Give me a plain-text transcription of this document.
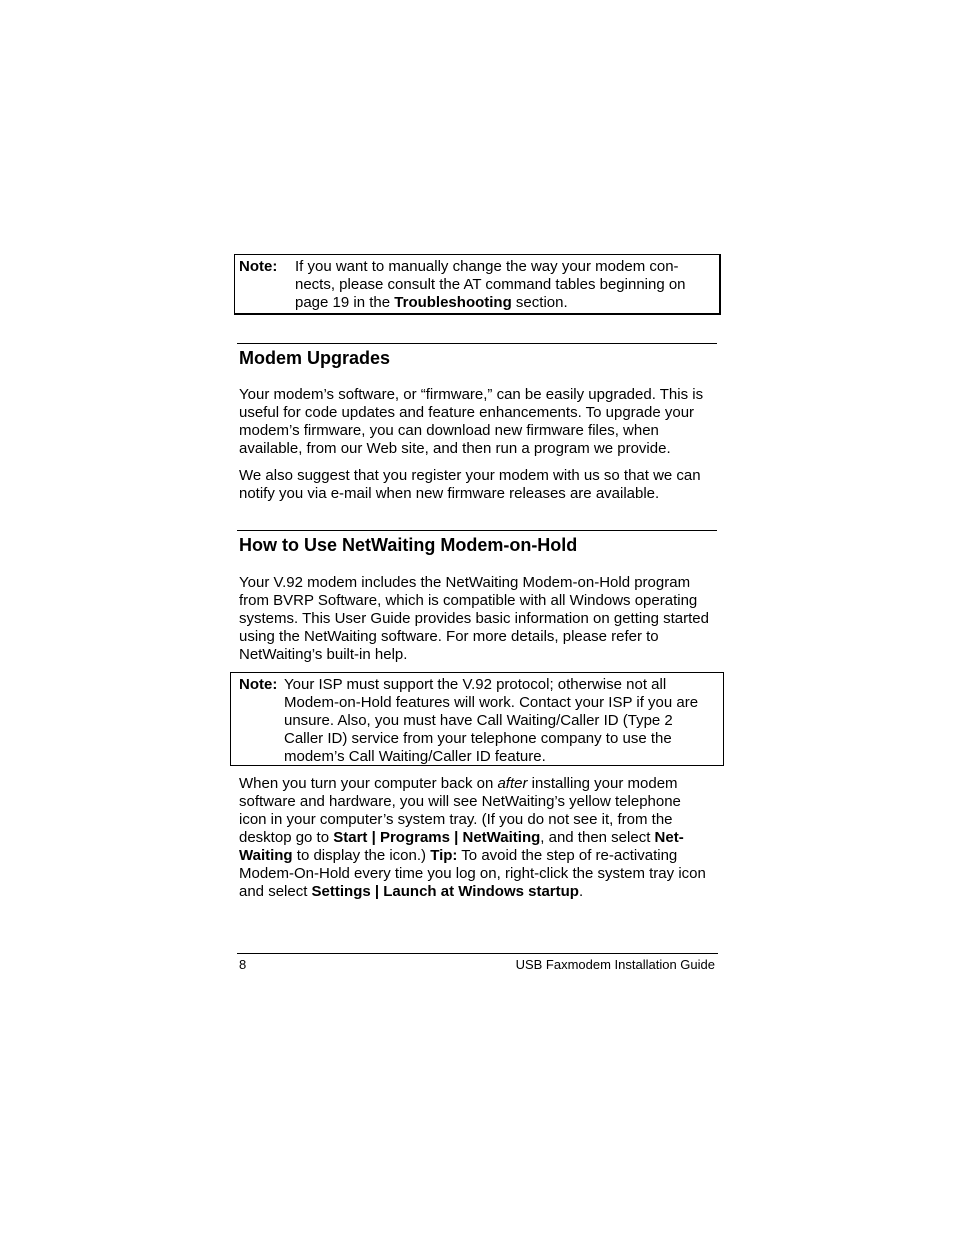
Note: If you want to manually change the way your modem con-nects, please consult the AT command tables beginning on page 19 in the Troubleshooting section.
Modem Upgrades

Your modem’s software, or “firmware,” can be easily upgraded. This is useful for code updates and feature enhancements. To upgrade your modem’s firmware, you can download new firmware files, when available, from our Web site, and then run a program we provide.

We also suggest that you register your modem with us so that we can notify you via e-mail when new firmware releases are available.

How to Use NetWaiting Modem-on-Hold

Your V.92 modem includes the NetWaiting Modem-on-Hold program from BVRP Software, which is compatible with all Windows operating systems. This User Guide provides basic information on getting started using the NetWaiting software. For more details, please refer to NetWaiting’s built-in help.

Note: Your ISP must support the V.92 protocol; otherwise not all Modem-on-Hold features will work. Contact your ISP if you are unsure. Also, you must have Call Waiting/Caller ID (Type 2 Caller ID) service from your telephone company to use the modem’s Call Waiting/Caller ID feature.

When you turn your computer back on after installing your modem software and hardware, you will see NetWaiting’s yellow telephone icon in your computer’s system tray. (If you do not see it, from the desktop go to Start | Programs | NetWaiting, and then select Net-Waiting to display the icon.) Tip: To avoid the step of re-activating Modem-On-Hold every time you log on, right-click the system tray icon and select Settings | Launch at Windows startup.

8	USB Faxmodem Installation Guide
